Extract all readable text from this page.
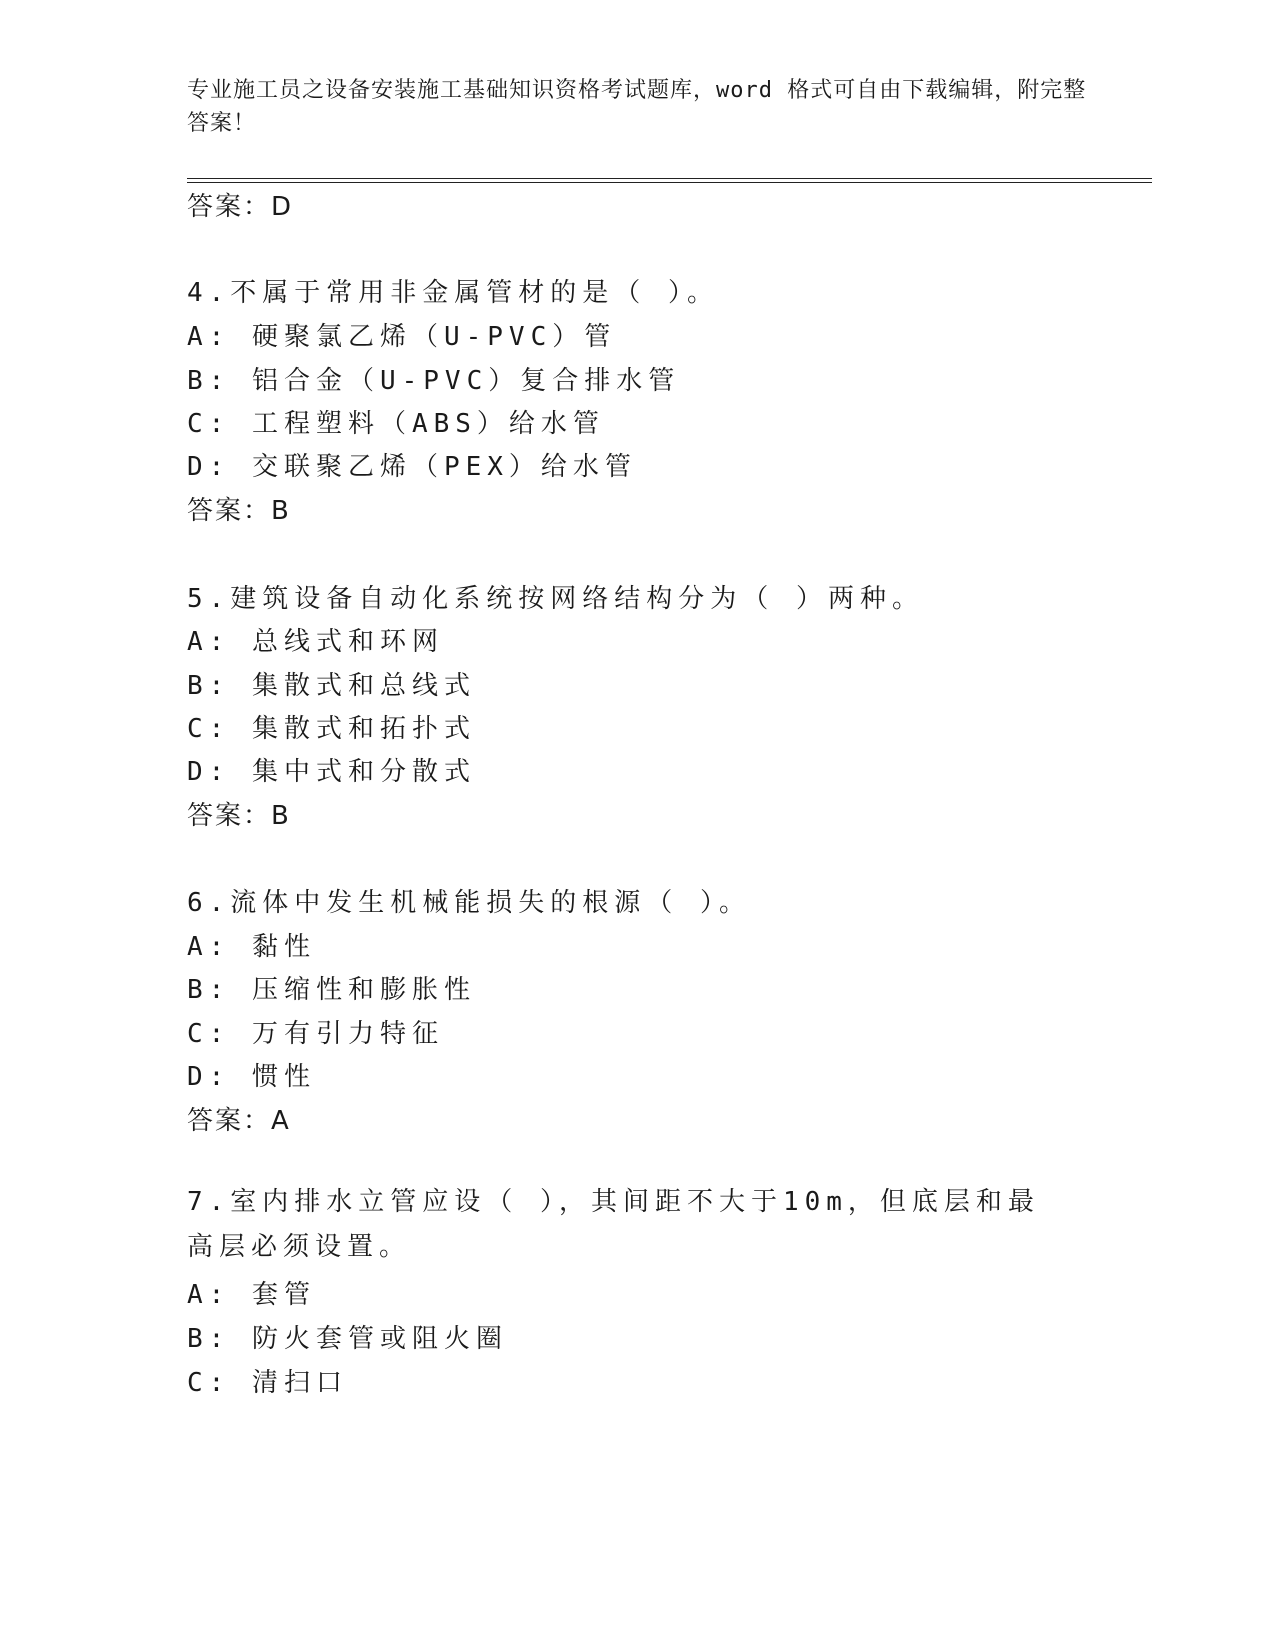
专业施工员之设备安装施工基础知识资格考试题库，word 格式可自由下载编辑，附完整答案！
答案：D
4.不属于常用非金属管材的是（ ）。
A: 硬聚氯乙烯（U-PVC）管
B: 铝合金（U-PVC）复合排水管
C: 工程塑料（ABS）给水管
D: 交联聚乙烯（PEX）给水管
答案：B
5.建筑设备自动化系统按网络结构分为（ ）两种。
A: 总线式和环网
B: 集散式和总线式
C: 集散式和拓扑式
D: 集中式和分散式
答案：B
6.流体中发生机械能损失的根源（ ）。
A: 黏性
B: 压缩性和膨胀性
C: 万有引力特征
D: 惯性
答案：A
7.室内排水立管应设（ ），其间距不大于10m，但底层和最高层必须设置。
A: 套管
B: 防火套管或阻火圈
C: 清扫口
